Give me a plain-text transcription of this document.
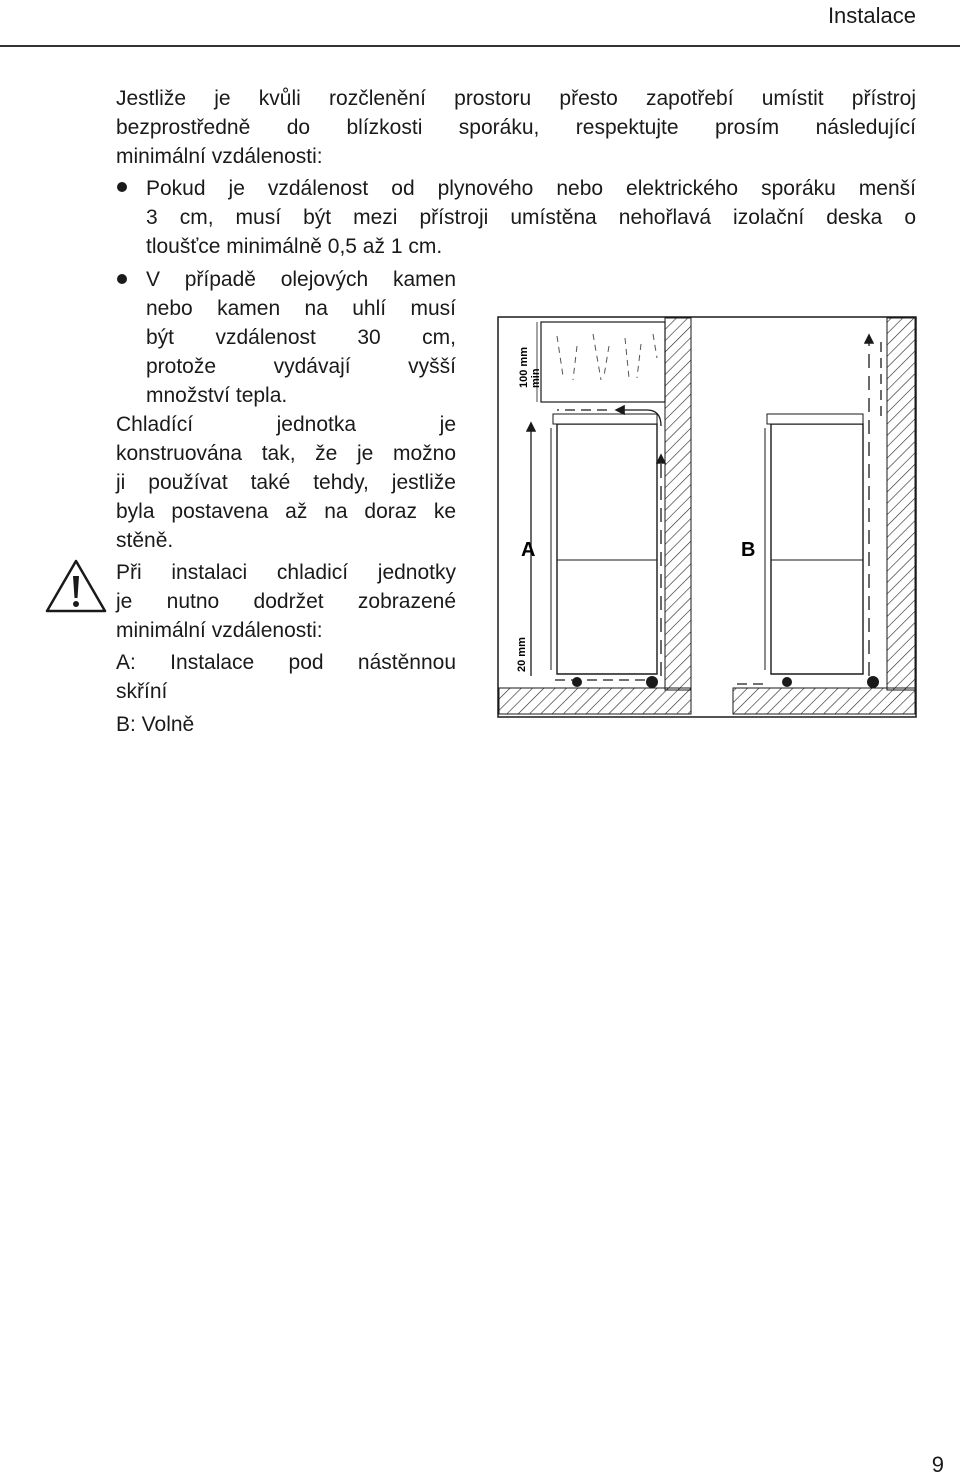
Instalace
Jestliže je kvůli rozčlenění prostoru přesto zapotřebí umístit přístroj
bezprostředně do blízkosti sporáku, respektujte prosím následující
minimální vzdálenosti:
Pokud je vzdálenost od plynového nebo elektrického sporáku menší
3 cm, musí být mezi přístroji umístěna nehořlavá izolační deska o
tloušťce minimálně 0,5 až 1 cm.
V případě olejových kamen
nebo kamen na uhlí musí
být vzdálenost 30 cm,
protože vydávají vyšší
množství tepla.
Chladící jednotka je
konstruována tak, že je možno
ji používat také tehdy, jestliže
byla postavena až na doraz ke
stěně.
Při instalaci chladicí jednotky
je nutno dodržet zobrazené
minimální vzdálenosti:
A: Instalace pod nástěnnou
skříní
B: Volně
100 mm min
20 mm
A	B
9
